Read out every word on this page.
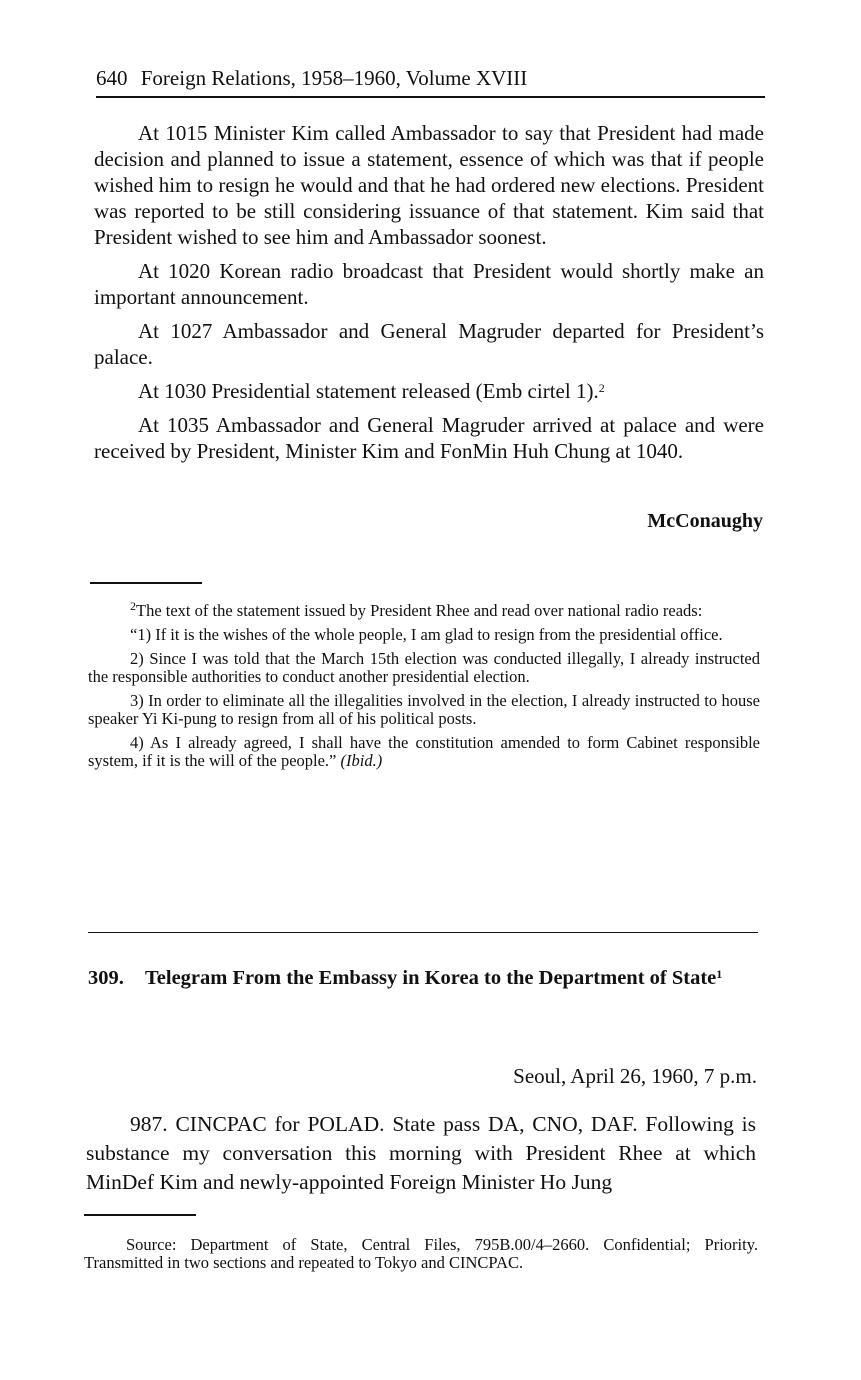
640 Foreign Relations, 1958–1960, Volume XVIII

At 1015 Minister Kim called Ambassador to say that President had made decision and planned to issue a statement, essence of which was that if people wished him to resign he would and that he had ordered new elections. President was reported to be still considering issuance of that statement. Kim said that President wished to see him and Ambassador soonest.

At 1020 Korean radio broadcast that President would shortly make an important announcement.

At 1027 Ambassador and General Magruder departed for President’s palace.

At 1030 Presidential statement released (Emb cirtel 1).$^2$

At 1035 Ambassador and General Magruder arrived at palace and were received by President, Minister Kim and FonMin Huh Chung at 1040.

McConaughy

$^2$The text of the statement issued by President Rhee and read over national radio reads:

“1) If it is the wishes of the whole people, I am glad to resign from the presidential office.

2) Since I was told that the March 15th election was conducted illegally, I already instructed the responsible authorities to conduct another presidential election.

3) In order to eliminate all the illegalities involved in the election, I already instructed to house speaker Yi Ki-pung to resign from all of his political posts.

4) As I already agreed, I shall have the constitution amended to form Cabinet responsible system, if it is the will of the people.” (Ibid.)

309.	Telegram From the Embassy in Korea to the Department of State$^1$
Seoul, April 26, 1960, 7 p.m.

987. CINCPAC for POLAD. State pass DA, CNO, DAF. Following is substance my conversation this morning with President Rhee at which MinDef Kim and newly-appointed Foreign Minister Ho Jung

Source: Department of State, Central Files, 795B.00/4–2660. Confidential; Priority. Transmitted in two sections and repeated to Tokyo and CINCPAC.
